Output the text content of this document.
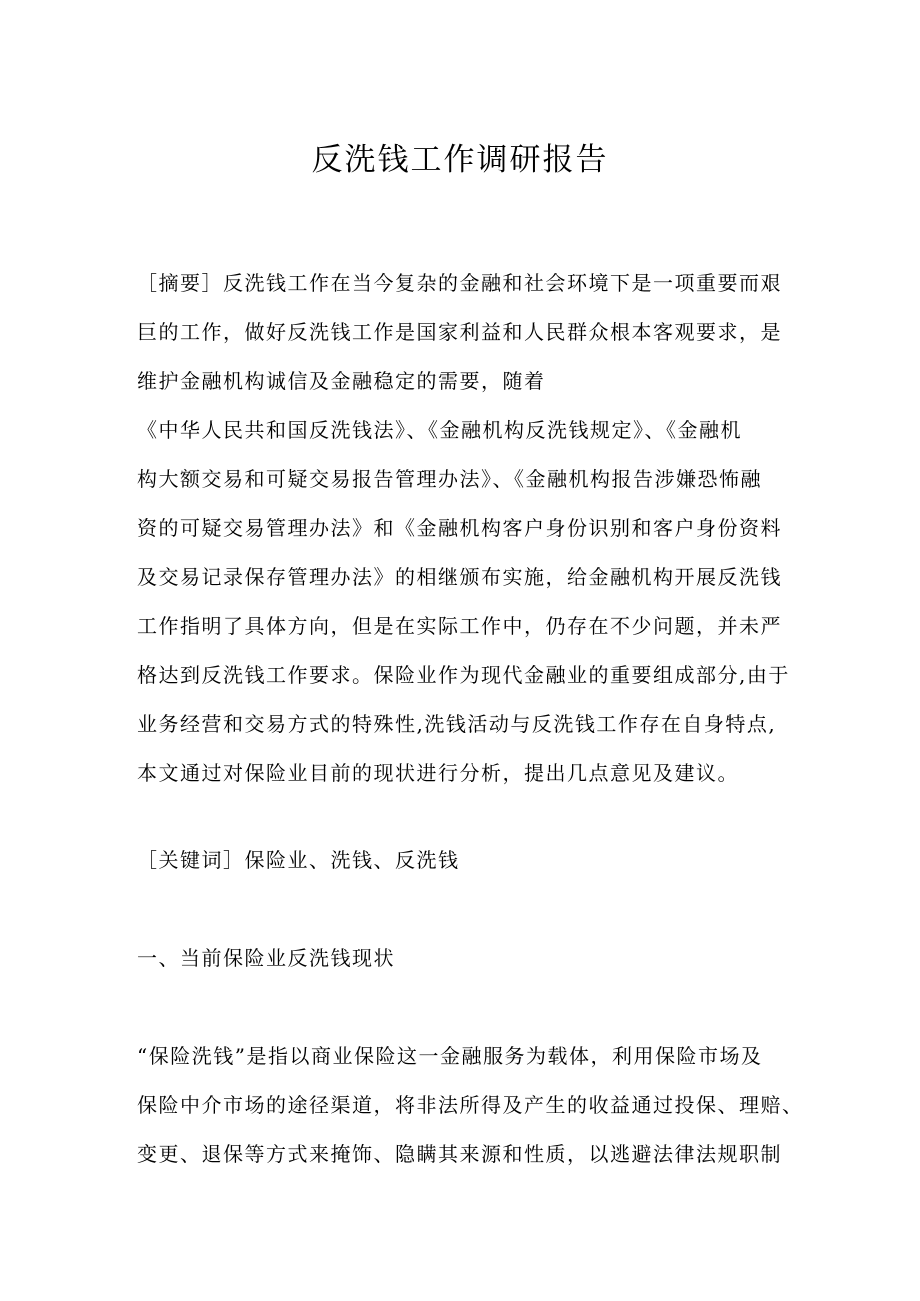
反洗钱工作调研报告
［摘要］反洗钱工作在当今复杂的金融和社会环境下是一项重要而艰
巨的工作，做好反洗钱工作是国家利益和人民群众根本客观要求，是
维护金融机构诚信及金融稳定的需要，随着
《中华人民共和国反洗钱法》、《金融机构反洗钱规定》、《金融机
构大额交易和可疑交易报告管理办法》、《金融机构报告涉嫌恐怖融
资的可疑交易管理办法》和《金融机构客户身份识别和客户身份资料
及交易记录保存管理办法》的相继颁布实施，给金融机构开展反洗钱
工作指明了具体方向，但是在实际工作中，仍存在不少问题，并未严
格达到反洗钱工作要求。保险业作为现代金融业的重要组成部分,由于
业务经营和交易方式的特殊性,洗钱活动与反洗钱工作存在自身特点,
本文通过对保险业目前的现状进行分析，提出几点意见及建议。
［关键词］保险业、洗钱、反洗钱
一、当前保险业反洗钱现状
“保险洗钱”是指以商业保险这一金融服务为载体，利用保险市场及
保险中介市场的途径渠道，将非法所得及产生的收益通过投保、理赔、
变更、退保等方式来掩饰、隐瞒其来源和性质，以逃避法律法规职制
